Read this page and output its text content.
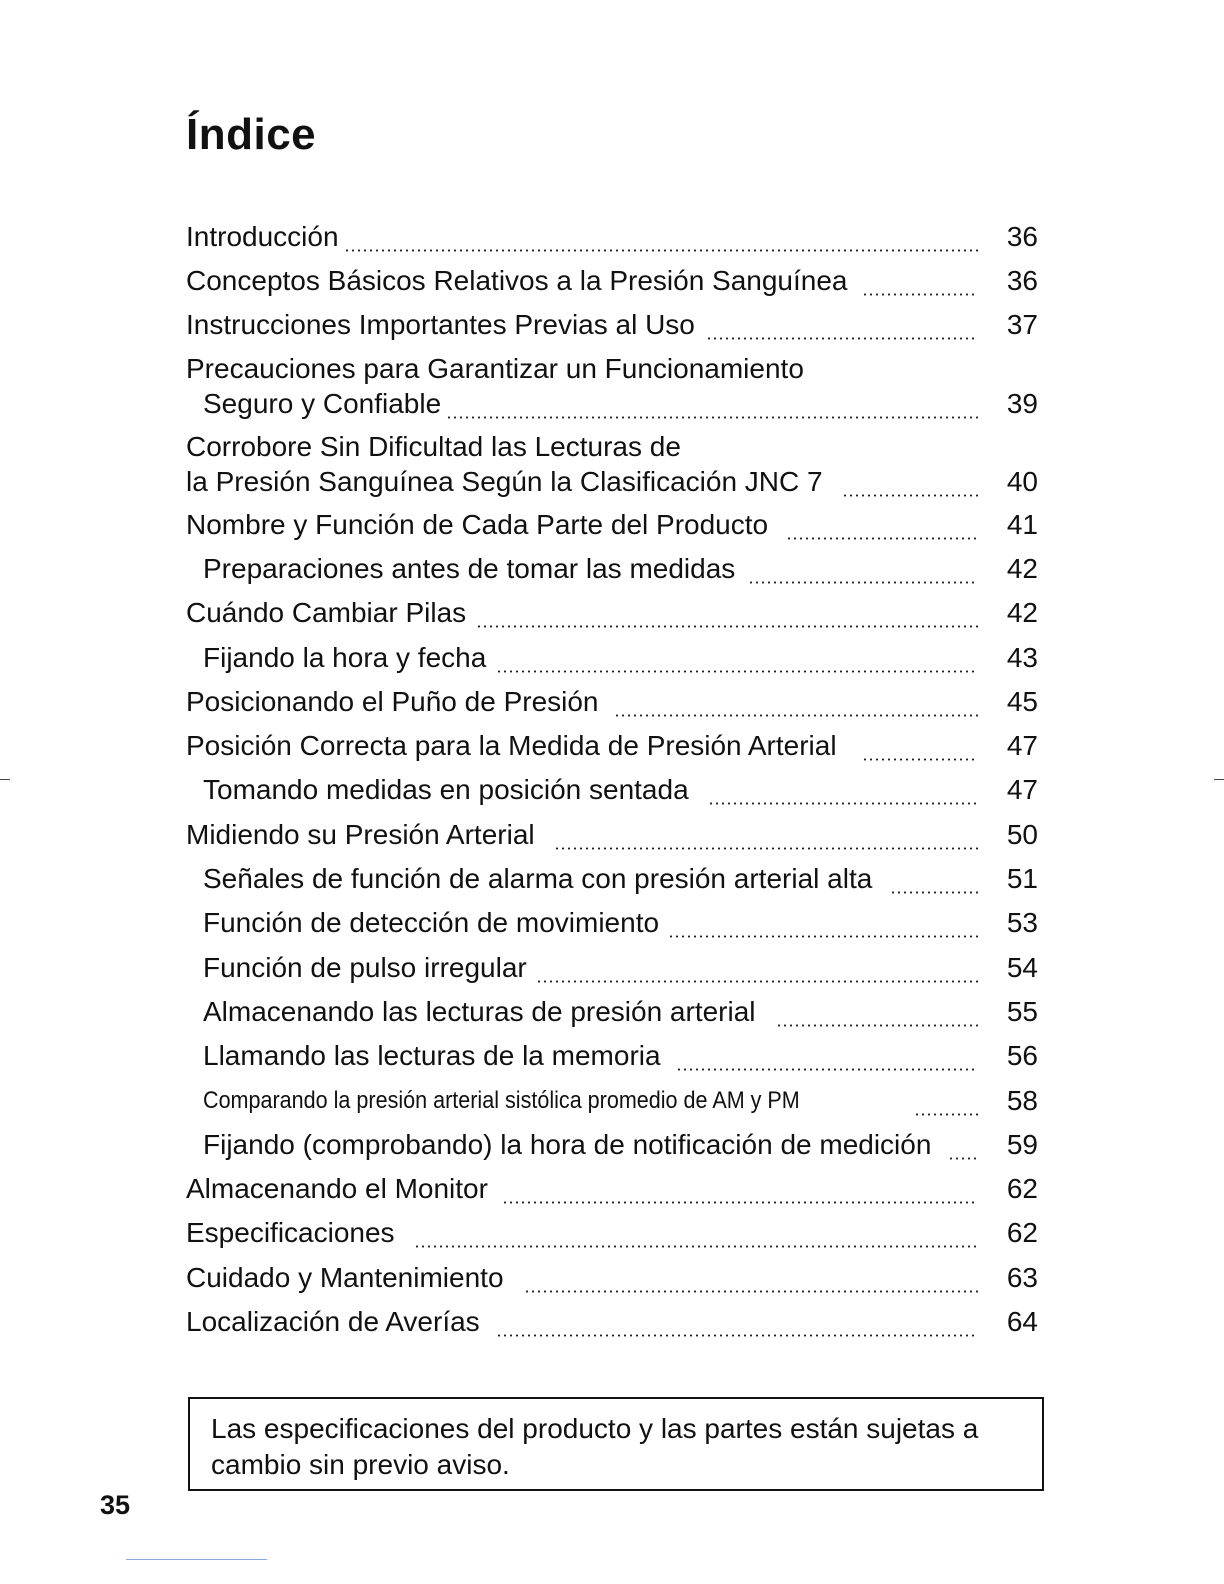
Índice
Introducción	36
Conceptos Básicos Relativos a la Presión Sanguínea	36
Instrucciones Importantes Previas al Uso	37
Precauciones para Garantizar un Funcionamiento
Seguro y Confiable	39
Corrobore Sin Dificultad las Lecturas de
la Presión Sanguínea Según la Clasificación JNC 7	40
Nombre y Función de Cada Parte del Producto	41
Preparaciones antes de tomar las medidas	42
Cuándo Cambiar Pilas	42
Fijando la hora y fecha	43
Posicionando el Puño de Presión	45
Posición Correcta para la Medida de Presión Arterial	47
Tomando medidas en posición sentada	47
Midiendo su Presión Arterial	50
Señales de función de alarma con presión arterial alta	51
Función de detección de movimiento	53
Función de pulso irregular	54
Almacenando las lecturas de presión arterial	55
Llamando las lecturas de la memoria	56
Comparando la presión arterial sistólica promedio de AM y PM	58
Fijando (comprobando) la hora de notificación de medición	59
Almacenando el Monitor	62
Especificaciones	62
Cuidado y Mantenimiento	63
Localización de Averías	64

Las especificaciones del producto y las partes están sujetas a cambio sin previo aviso.

35
